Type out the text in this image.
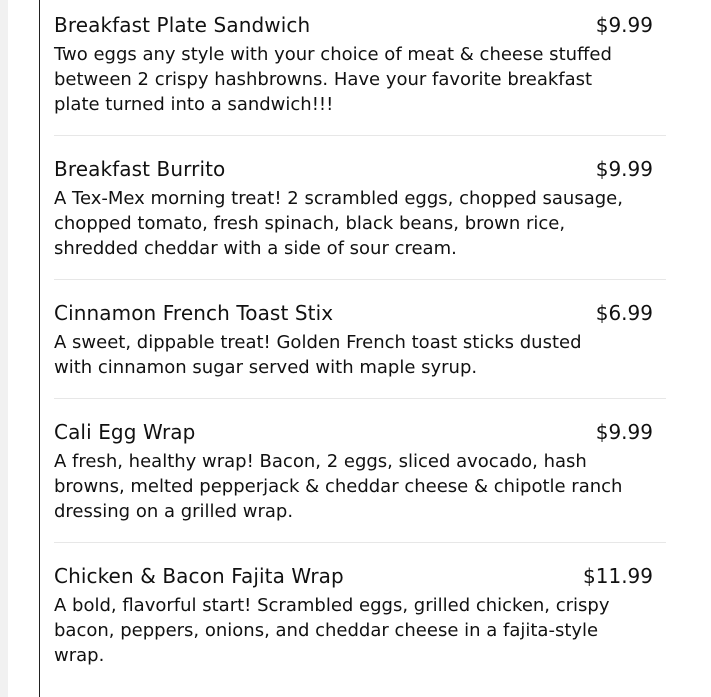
Breakfast Plate Sandwich	$9.99
Two eggs any style with your choice of meat & cheese stuffed between 2 crispy hashbrowns. Have your favorite breakfast plate turned into a sandwich!!!
Breakfast Burrito	$9.99
A Tex-Mex morning treat! 2 scrambled eggs, chopped sausage, chopped tomato, fresh spinach, black beans, brown rice, shredded cheddar with a side of sour cream.
Cinnamon French Toast Stix	$6.99
A sweet, dippable treat! Golden French toast sticks dusted with cinnamon sugar served with maple syrup.
Cali Egg Wrap	$9.99
A fresh, healthy wrap! Bacon, 2 eggs, sliced avocado, hash browns, melted pepperjack & cheddar cheese & chipotle ranch dressing on a grilled wrap.
Chicken & Bacon Fajita Wrap	$11.99
A bold, flavorful start! Scrambled eggs, grilled chicken, crispy bacon, peppers, onions, and cheddar cheese in a fajita-style wrap.
